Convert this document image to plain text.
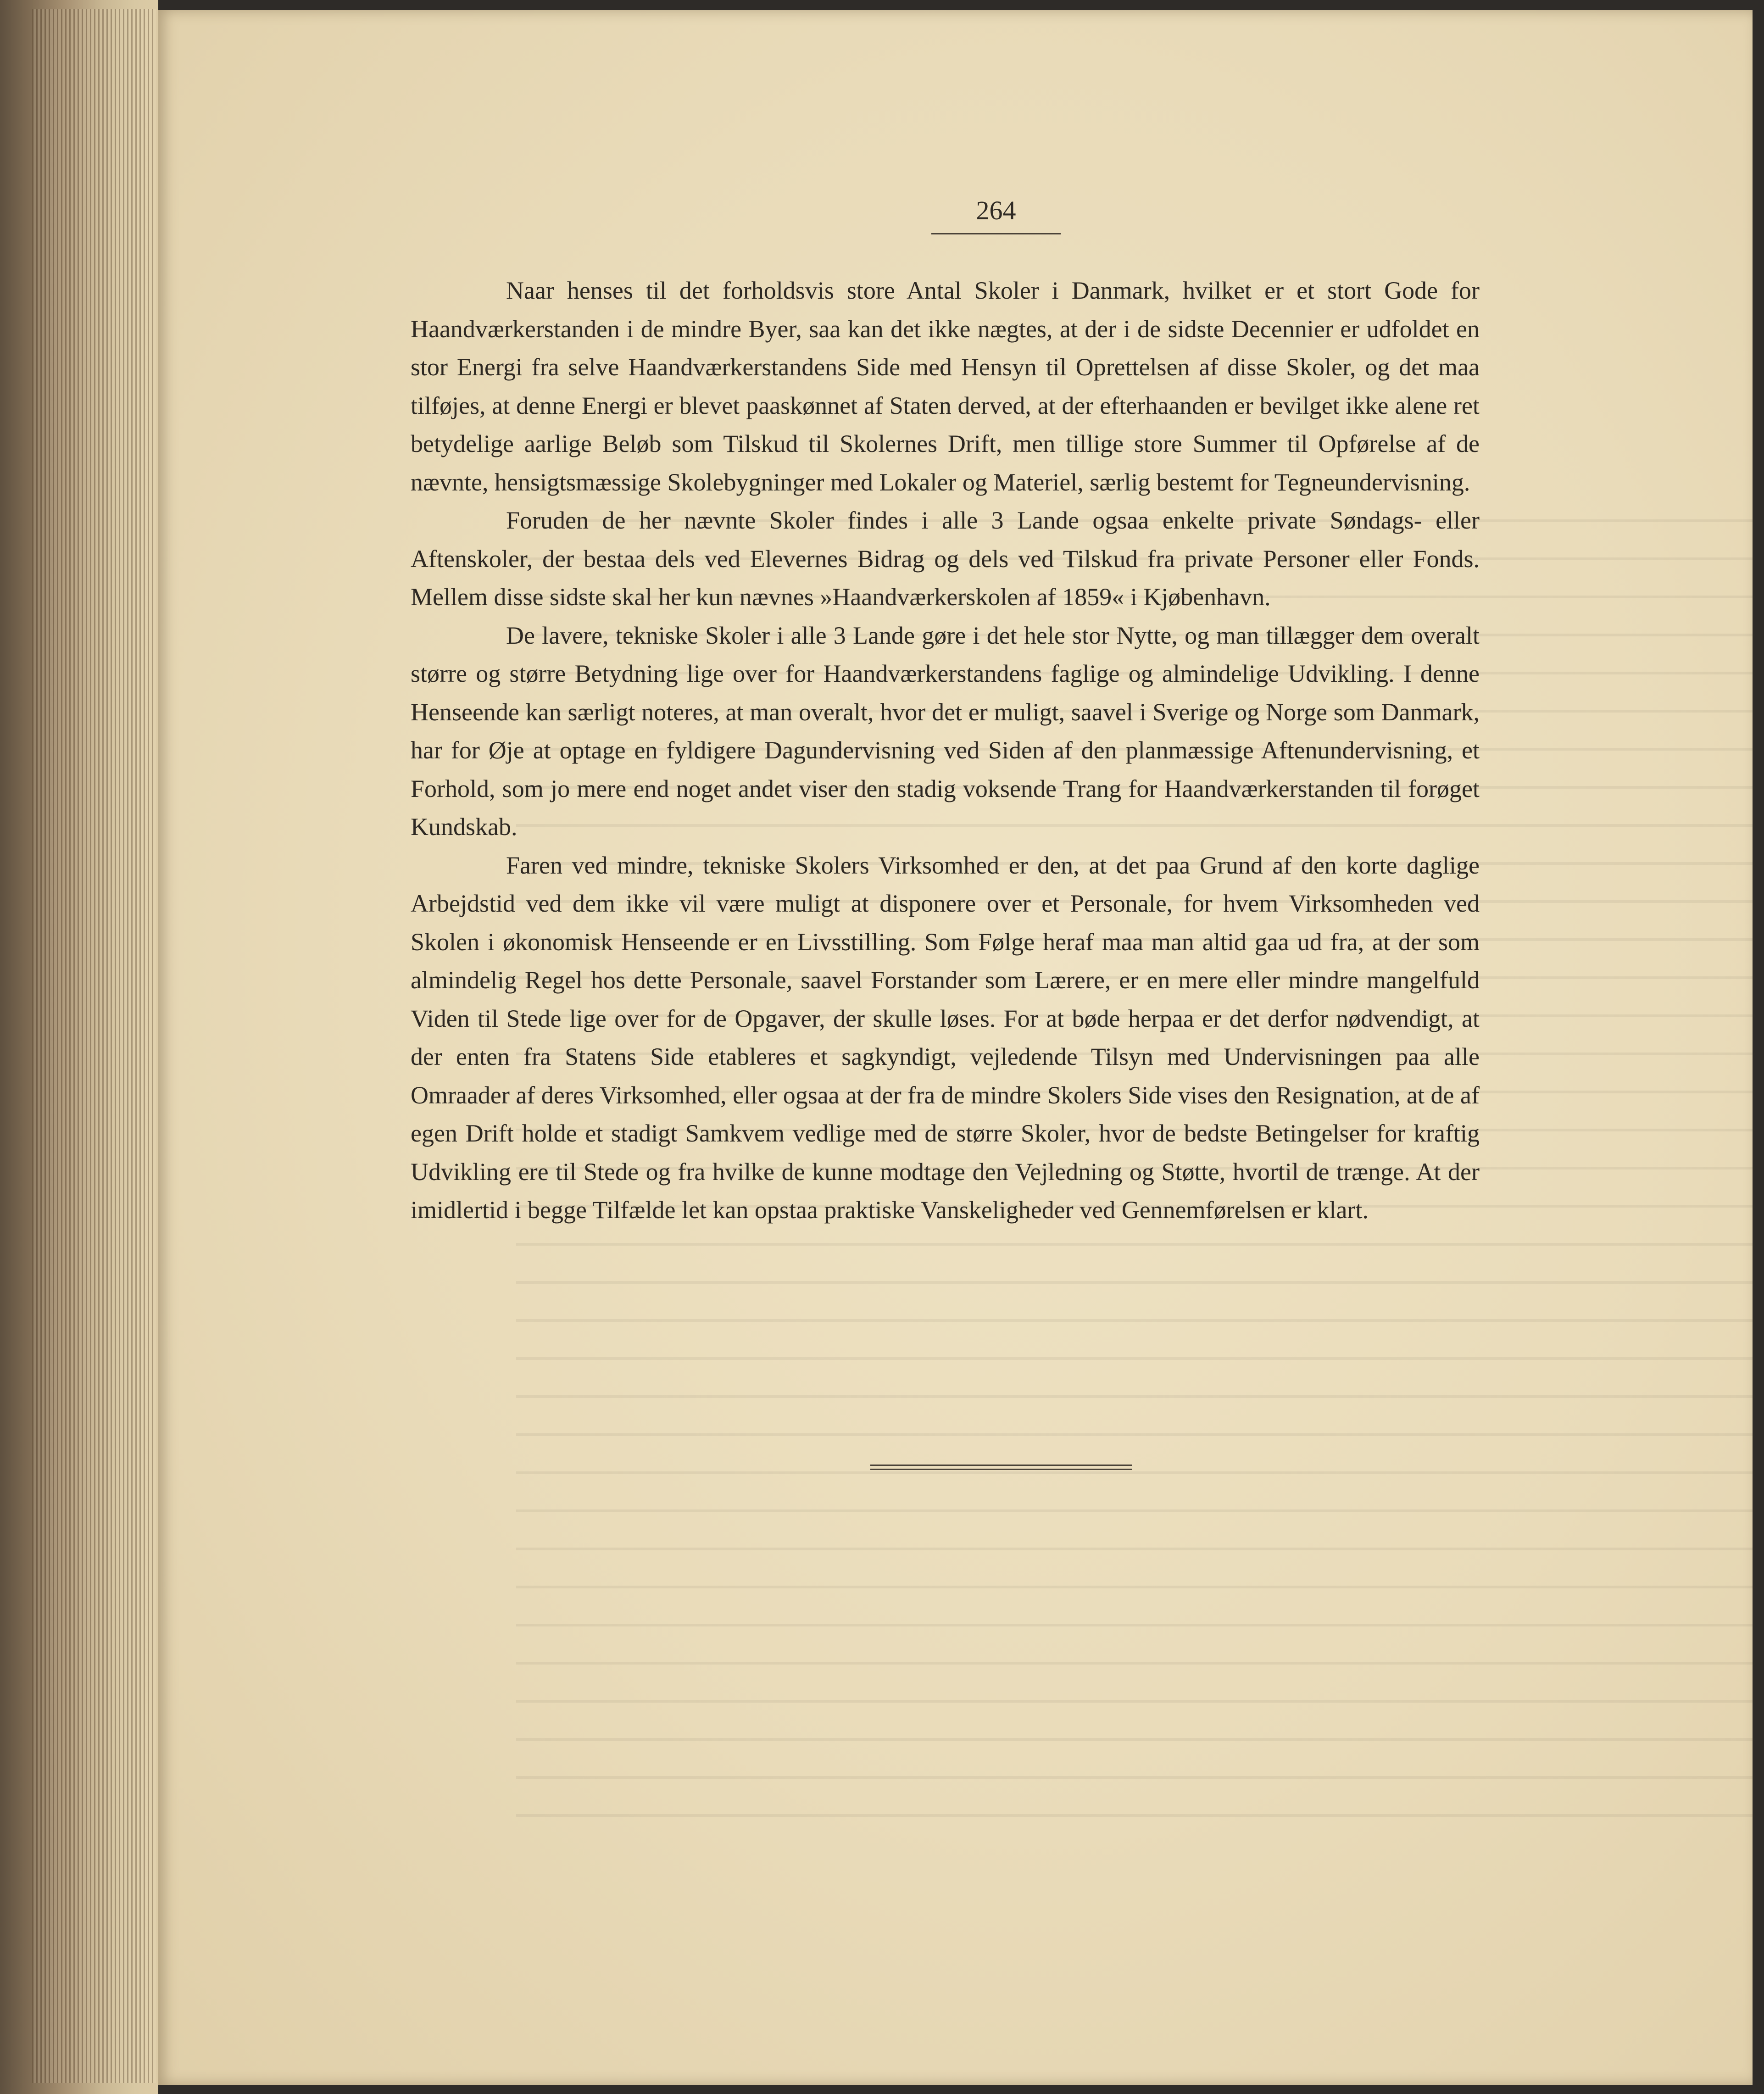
264

Naar henses til det forholdsvis store Antal Skoler i Danmark, hvilket er et stort Gode for Haandværkerstanden i de mindre Byer, saa kan det ikke nægtes, at der i de sidste Decennier er udfoldet en stor Energi fra selve Haandværkerstandens Side med Hensyn til Oprettelsen af disse Skoler, og det maa tilføjes, at denne Energi er blevet paaskønnet af Staten derved, at der efterhaanden er bevilget ikke alene ret betydelige aarlige Beløb som Tilskud til Skolernes Drift, men tillige store Summer til Opførelse af de nævnte, hensigtsmæssige Skolebygninger med Lokaler og Materiel, særlig bestemt for Tegneundervisning.

Foruden de her nævnte Skoler findes i alle 3 Lande ogsaa enkelte private Søndags- eller Aftenskoler, der bestaa dels ved Elevernes Bidrag og dels ved Tilskud fra private Personer eller Fonds. Mellem disse sidste skal her kun nævnes »Haandværkerskolen af 1859« i Kjøbenhavn.

De lavere, tekniske Skoler i alle 3 Lande gøre i det hele stor Nytte, og man tillægger dem overalt større og større Betydning lige over for Haandværkerstandens faglige og almindelige Udvikling. I denne Henseende kan særligt noteres, at man overalt, hvor det er muligt, saavel i Sverige og Norge som Danmark, har for Øje at optage en fyldigere Dagundervisning ved Siden af den planmæssige Aftenundervisning, et Forhold, som jo mere end noget andet viser den stadig voksende Trang for Haandværkerstanden til forøget Kundskab.

Faren ved mindre, tekniske Skolers Virksomhed er den, at det paa Grund af den korte daglige Arbejdstid ved dem ikke vil være muligt at disponere over et Personale, for hvem Virksomheden ved Skolen i økonomisk Henseende er en Livsstilling. Som Følge heraf maa man altid gaa ud fra, at der som almindelig Regel hos dette Personale, saavel Forstander som Lærere, er en mere eller mindre mangelfuld Viden til Stede lige over for de Opgaver, der skulle løses. For at bøde herpaa er det derfor nødvendigt, at der enten fra Statens Side etableres et sagkyndigt, vejledende Tilsyn med Undervisningen paa alle Omraader af deres Virksomhed, eller ogsaa at der fra de mindre Skolers Side vises den Resignation, at de af egen Drift holde et stadigt Samkvem vedlige med de større Skoler, hvor de bedste Betingelser for kraftig Udvikling ere til Stede og fra hvilke de kunne modtage den Vejledning og Støtte, hvortil de trænge. At der imidlertid i begge Tilfælde let kan opstaa praktiske Vanskeligheder ved Gennemførelsen er klart.
